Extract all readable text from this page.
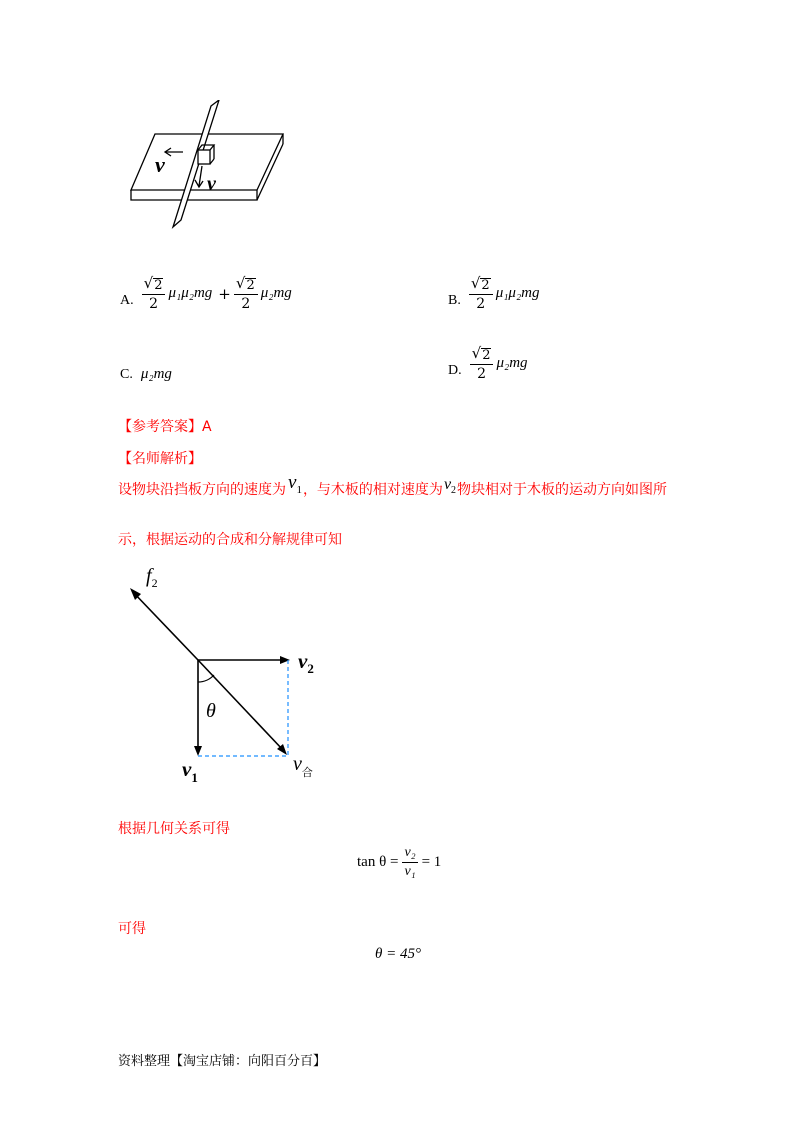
v
v
A. $\frac{√ 2}{2} \mu_1\mu_2mg + \frac{√ 2}{2} \mu_2mg$	B. $\frac{√ 2}{2} \mu_1\mu_2mg$
C. μ₂mg	D. $\frac{√ 2}{2} \mu_2mg$
【参考答案】A
【名师解析】
设物块沿挡板方向的速度为 $v_1$ ，与木板的相对速度为 $v_2$ 物块相对于木板的运动方向如图所
示，根据运动的合成和分解规律可知
$f_2$
$v_2$
θ
$v_1$
$v_合$
根据几何关系可得
$\tan \theta = \frac{\text{v₂}}{\text{v₁}} = 1$
可得
θ = 45°
资料整理【淘宝店铺：向阳百分百】
